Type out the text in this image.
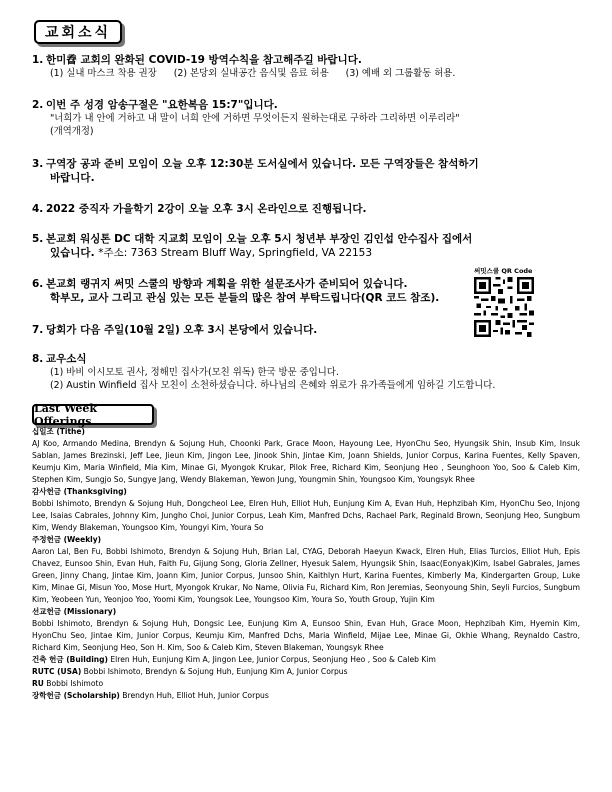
교회소식
1. 한미孴 교회의 완화된 COVID-19 방역수칙을 참고해주길 바랍니다.
(1) 실내 마스크 착용 권장 (2) 본당외 실내공간 음식및 음료 허용 (3) 예배 외 그룹활동 허용.
2. 이번 주 성경 암송구절은 "요한복음 15:7"입니다.
"너희가 내 안에 거하고 내 말이 너희 안에 거하면 무엇이든지 원하는대로 구하라 그리하면 이루리라"
(개역개정)
3. 구역장 공과 준비 모임이 오늘 오후 12:30분 도서실에서 있습니다. 모든 구역장들은 참석하기
바랍니다.
4. 2022 중직자 가을학기 2강이 오늘 오후 3시 온라인으로 진행됩니다.
5. 본교회 워싱톤 DC 대학 지교회 모임이 오늘 오후 5시 청년부 부장인 김인섭 안수집사 집에서
있습니다. *주소: 7363 Stream Bluff Way, Springfield, VA 22153
써밋스쿨 QR Code
6. 본교회 랭귀지 써밋 스쿨의 방향과 계획을 위한 설문조사가 준비되어 있습니다.
학부모, 교사 그리고 관심 있는 모든 분들의 많은 참여 부탁드립니다(QR 코드 참조).
7. 당회가 다음 주일(10월 2일) 오후 3시 본당에서 있습니다.
8. 교우소식
(1) 바비 이시모토 권사, 정해민 집사가(모친 위독) 한국 방문 중입니다.
(2) Austin Winfield 집사 모친이 소천하셨습니다. 하나님의 은혜와 위로가 유가족들에게 임하길 기도합니다.
Last Week Offerings
십일조 (Tithe)
AJ Koo, Armando Medina, Brendyn & Sojung Huh, Choonki Park, Grace Moon, Hayoung Lee, HyonChu Seo, Hyungsik Shin, Insub Kim, Insuk Sablan, James Brezinski, Jeff Lee, Jieun Kim, Jingon Lee, Jinook Shin, Jintae Kim, Joann Shields, Junior Corpus, Karina Fuentes, Kelly Spaven, Keumju Kim, Maria Winfield, Mia Kim, Minae Gi, Myongok Krukar, Pilok Free, Richard Kim, Seonjung Heo , Seunghoon Yoo, Soo & Caleb Kim, Stephen Kim, Sungjo So, Sungye Jang, Wendy Blakeman, Yewon Jung, Youngmin Shin, Youngsoo Kim, Youngsyk Rhee
감사헌금 (Thanksgiving)
Bobbi Ishimoto, Brendyn & Sojung Huh, Dongcheol Lee, Elren Huh, Elliot Huh, Eunjung Kim A, Evan Huh, Hephzibah Kim, HyonChu Seo, Injong Lee, Isaias Cabrales, Johnny Kim, Jungho Choi, Junior Corpus, Leah Kim, Manfred Dchs, Rachael Park, Reginald Brown, Seonjung Heo, Sungbum Kim, Wendy Blakeman, Youngsoo Kim, Youngyi Kim, Youra So
주정헌금 (Weekly)
Aaron Lal, Ben Fu, Bobbi Ishimoto, Brendyn & Sojung Huh, Brian Lal, CYAG, Deborah Haeyun Kwack, Elren Huh, Elias Turcios, Elliot Huh, Epis Chavez, Eunsoo Shin, Evan Huh, Faith Fu, Gijung Song, Gloria Zellner, Hyesuk Salem, Hyungsik Shin, Isaac(Eonyak)Kim, Isabel Gabrales, James Green, Jinny Chang, Jintae Kim, Joann Kim, Junior Corpus, Junsoo Shin, Kaithlyn Hurt, Karina Fuentes, Kimberly Ma, Kindergarten Group, Luke Kim, Minae Gi, Misun Yoo, Mose Hurt, Myongok Krukar, No Name, Olivia Fu, Richard Kim, Ron Jeremias, Seonyoung Shin, Seyli Furcios, Sungbum Kim, Yeobeen Yun, Yeonjoo Yoo, Yoomi Kim, Youngsok Lee, Youngsoo Kim, Youra So, Youth Group, Yujin Kim
선교헌금 (Missionary)
Bobbi Ishimoto, Brendyn & Sojung Huh, Dongsic Lee, Eunjung Kim A, Eunsoo Shin, Evan Huh, Grace Moon, Hephzibah Kim, Hyemin Kim, HyonChu Seo, Jintae Kim, Junior Corpus, Keumju Kim, Manfred Dchs, Maria Winfield, Mijae Lee, Minae Gi, Okhie Whang, Reynaldo Castro, Richard Kim, Seonjung Heo, Son H. Kim, Soo & Caleb Kim, Steven Blakeman, Youngsyk Rhee
건축 헌금 (Building) Elren Huh, Eunjung Kim A, Jingon Lee, Junior Corpus, Seonjung Heo , Soo & Caleb Kim
RUTC (USA) Bobbi Ishimoto, Brendyn & Sojung Huh, Eunjung Kim A, Junior Corpus
RU Bobbi Ishimoto
장학헌금 (Scholarship) Brendyn Huh, Elliot Huh, Junior Corpus
